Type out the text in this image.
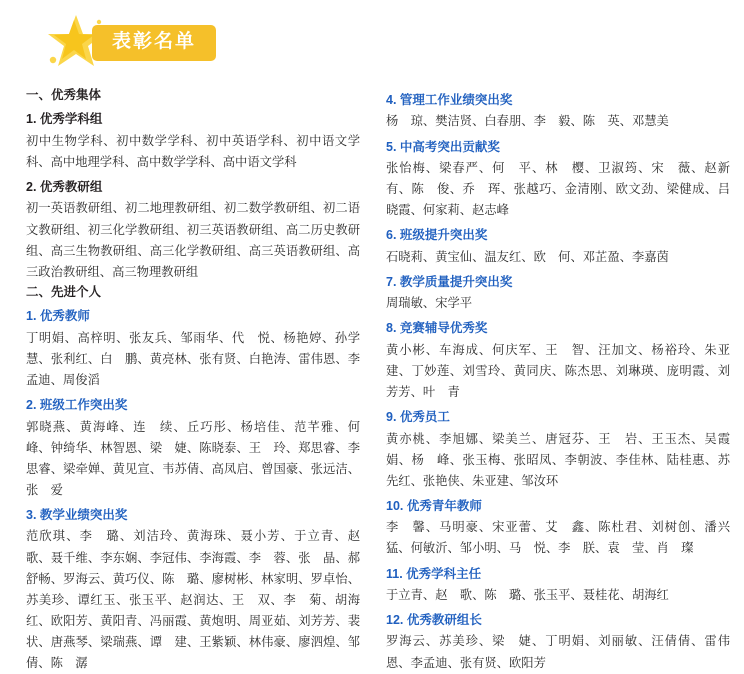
表彰名单
一、优秀集体
1. 优秀学科组
初中生物学科、初中数学学科、初中英语学科、初中语文学科、高中地理学科、高中数学学科、高中语文学科
2. 优秀教研组
初一英语教研组、初二地理教研组、初二数学教研组、初二语文教研组、初三化学教研组、初三英语教研组、高二历史教研组、高三生物教研组、高三化学教研组、高三英语教研组、高三政治教研组、高三物理教研组
二、先进个人
1. 优秀教师
丁明娟、高梓明、张友兵、邹雨华、代　悦、杨艳婷、孙学慧、张利红、白　鹏、黄亮林、张有贤、白艳涛、雷伟恩、李孟迪、周俊滔
2. 班级工作突出奖
郭晓燕、黄海峰、连　续、丘巧彤、杨培佳、范芊雅、何　峰、钟绮华、林智恩、梁　婕、陈晓泰、王　玲、郑思睿、李思睿、梁牵婵、黄见宣、韦苏倩、高凤启、曾国豪、张远洁、张　爱
3. 教学业绩突出奖
范欣琪、李　璐、刘洁玲、黄海珠、聂小芳、于立青、赵　歌、聂千维、李东娴、李冠伟、李海霞、李　蓉、张　晶、郝舒畅、罗海云、黄巧仪、陈　璐、廖树彬、林家明、罗卓怡、苏美珍、谭红玉、张玉平、赵润达、王　双、李　菊、胡海红、欧阳芳、黄阳青、冯丽霞、黄炮明、周亚茹、刘芳芳、裴　状、唐燕琴、梁瑞燕、谭　建、王紫颖、林伟豪、廖泗煌、邹　倩、陈　潺
4. 管理工作业绩突出奖
杨　琼、樊洁贤、白春朋、李　毅、陈　英、邓慧美
5. 中高考突出贡献奖
张怡梅、梁春严、何　平、林　樱、卫淑筠、宋　薇、赵新有、陈　俊、乔　珲、张越巧、金清刚、欧文劲、梁健成、吕晓霞、何家莉、赵志峰
6. 班级提升突出奖
石晓莉、黄宝仙、温友红、欧　何、邓芷盈、李嘉茵
7. 教学质量提升突出奖
周瑞敏、宋学平
8. 竞赛辅导优秀奖
黄小彬、车海成、何庆军、王　智、汪加文、杨裕玲、朱亚建、丁妙莲、刘雪玲、黄同庆、陈杰思、刘琳瑛、庞明霞、刘芳芳、叶　青
9. 优秀员工
黄亦桃、李旭娜、梁美兰、唐冠芬、王　岩、王玉杰、吴霞娟、杨　峰、张玉梅、张昭凤、李朝波、李佳林、陆桂惠、苏先红、张艳侠、朱亚建、邹汝环
10. 优秀青年教师
李　馨、马明豪、宋亚蕾、艾　鑫、陈杜君、刘树创、潘兴猛、何敏沂、邹小明、马　悦、李　朕、袁　莹、肖　璨
11. 优秀学科主任
于立青、赵　歌、陈　璐、张玉平、聂桂花、胡海红
12. 优秀教研组长
罗海云、苏美珍、梁　婕、丁明娟、刘丽敏、汪倩倩、雷伟恩、李孟迪、张有贤、欧阳芳
